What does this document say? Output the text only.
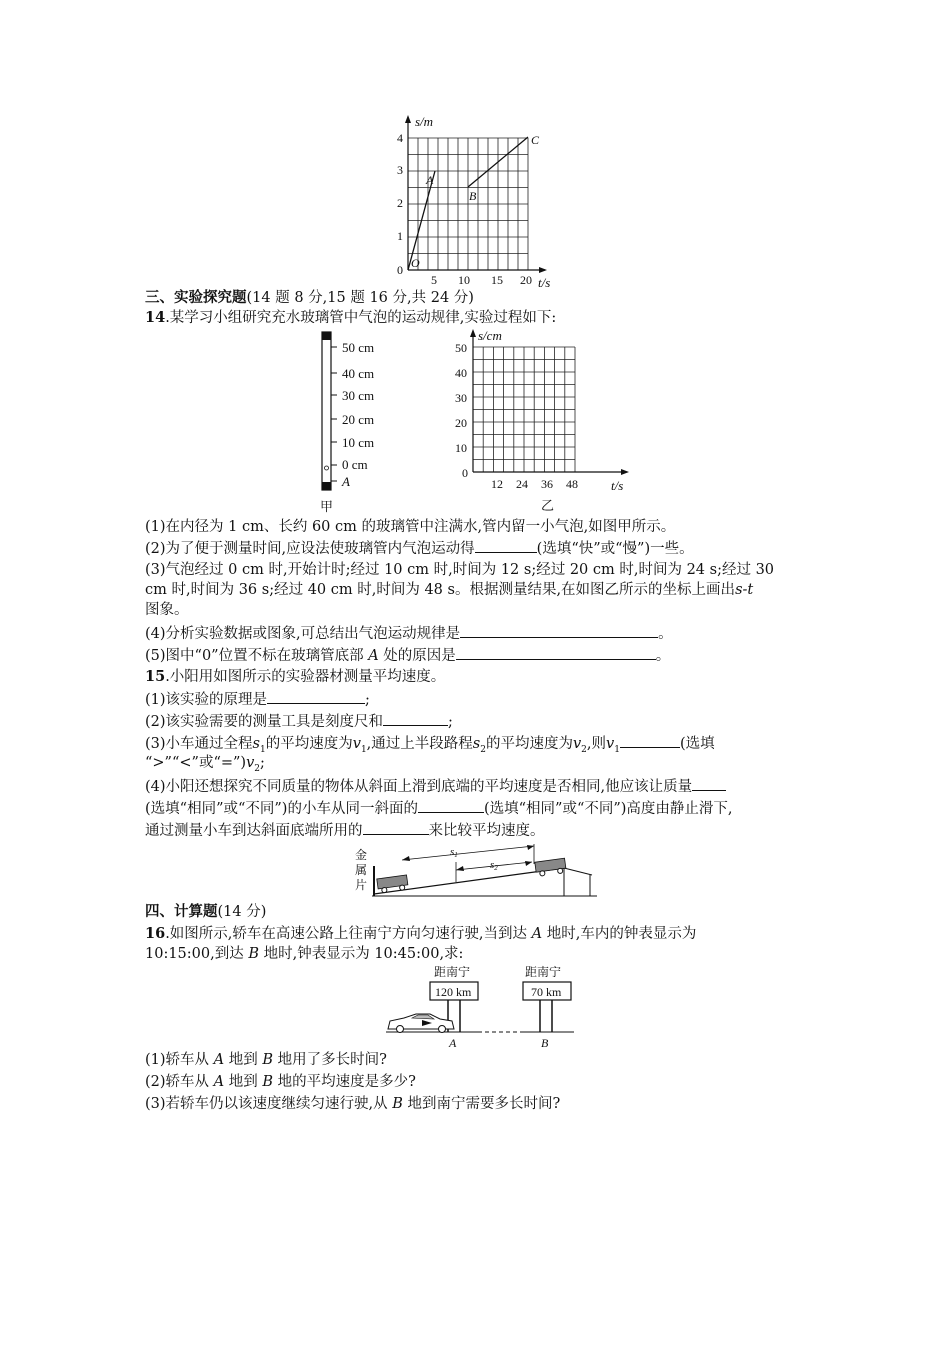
s/m
4
3
2
1
0 O
5 10 15 20 t/s
A
B
C
三、实验探究题(14 题 8 分,15 题 16 分,共 24 分)
14.某学习小组研究充水玻璃管中气泡的运动规律,实验过程如下:
50 cm
40 cm
30 cm
20 cm
10 cm
0 cm
A
甲
s/cm
50
40
30
20
10
0
12 24 36 48	t/s
乙
(1)在内径为 1 cm、长约 60 cm 的玻璃管中注满水,管内留一小气泡,如图甲所示。
(2)为了便于测量时间,应设法使玻璃管内气泡运动得	(选填“快”或“慢”)一些。
(3)气泡经过 0 cm 时,开始计时;经过 10 cm 时,时间为 12 s;经过 20 cm 时,时间为 24 s;经过 30
cm 时,时间为 36 s;经过 40 cm 时,时间为 48 s。根据测量结果,在如图乙所示的坐标上画出s-t
图象。
(4)分析实验数据或图象,可总结出气泡运动规律是	。
(5)图中“0”位置不标在玻璃管底部 A 处的原因是	。
15.小阳用如图所示的实验器材测量平均速度。
(1)该实验的原理是	;
(2)该实验需要的测量工具是刻度尺和	;
(3)小车通过全程$s_1$的平均速度为$v_1$,通过上半段路程$s_2$的平均速度为$v_2$,则$v_1$	(选填
“>”“<”或“$=”)v_2$;
(4)小阳还想探究不同质量的物体从斜面上滑到底端的平均速度是否相同,他应该让质量
(选填“相同”或“不同”)的小车从同一斜面的	(选填“相同”或“不同”)高度由静止滑下,
通过测量小车到达斜面底端所用的	来比较平均速度。
s1
s2
金
属
片
四、计算题(14 分)
16.如图所示,轿车在高速公路上往南宁方向匀速行驶,当到达 A 地时,车内的钟表显示为
10:15:00,到达 B 地时,钟表显示为 10:45:00,求:
距南宁
120 km
距南宁
70 km
A	B
(1)轿车从 A 地到 B 地用了多长时间?
(2)轿车从 A 地到 B 地的平均速度是多少?
(3)若轿车仍以该速度继续匀速行驶,从 B 地到南宁需要多长时间?
